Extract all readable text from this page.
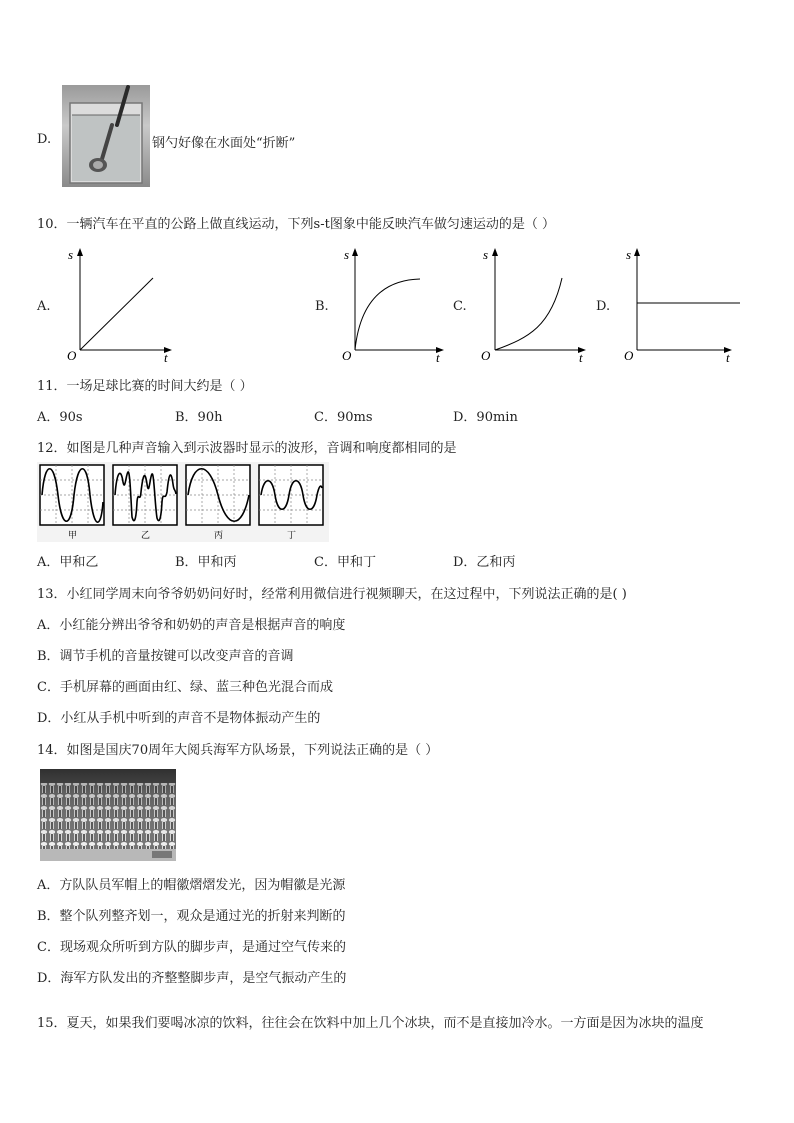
D.	钢勺好像在水面处“折断”
10．一辆汽车在平直的公路上做直线运动，下列s-t图象中能反映汽车做匀速运动的是（ ）
A.
s
O	t
B.
s
O	t
C.
s
O	t
D.
s
O	t
11．一场足球比赛的时间大约是（ ）
A．90s	B．90h	C．90ms	D．90min
12．如图是几种声音输入到示波器时显示的波形，音调和响度都相同的是
甲	乙	丙	丁
A．甲和乙	B．甲和丙	C．甲和丁	D．乙和丙
13．小红同学周末向爷爷奶奶问好时，经常利用微信进行视频聊天，在这过程中，下列说法正确的是( )
A．小红能分辨出爷爷和奶奶的声音是根据声音的响度
B．调节手机的音量按键可以改变声音的音调
C．手机屏幕的画面由红、绿、蓝三种色光混合而成
D．小红从手机中听到的声音不是物体振动产生的
14．如图是国庆70周年大阅兵海军方队场景，下列说法正确的是（ ）
A．方队队员军帽上的帽徽熠熠发光，因为帽徽是光源
B．整个队列整齐划一，观众是通过光的折射来判断的
C．现场观众所听到方队的脚步声，是通过空气传来的
D．海军方队发出的齐整整脚步声，是空气振动产生的
15．夏天，如果我们要喝冰凉的饮料，往往会在饮料中加上几个冰块，而不是直接加冷水。一方面是因为冰块的温度
